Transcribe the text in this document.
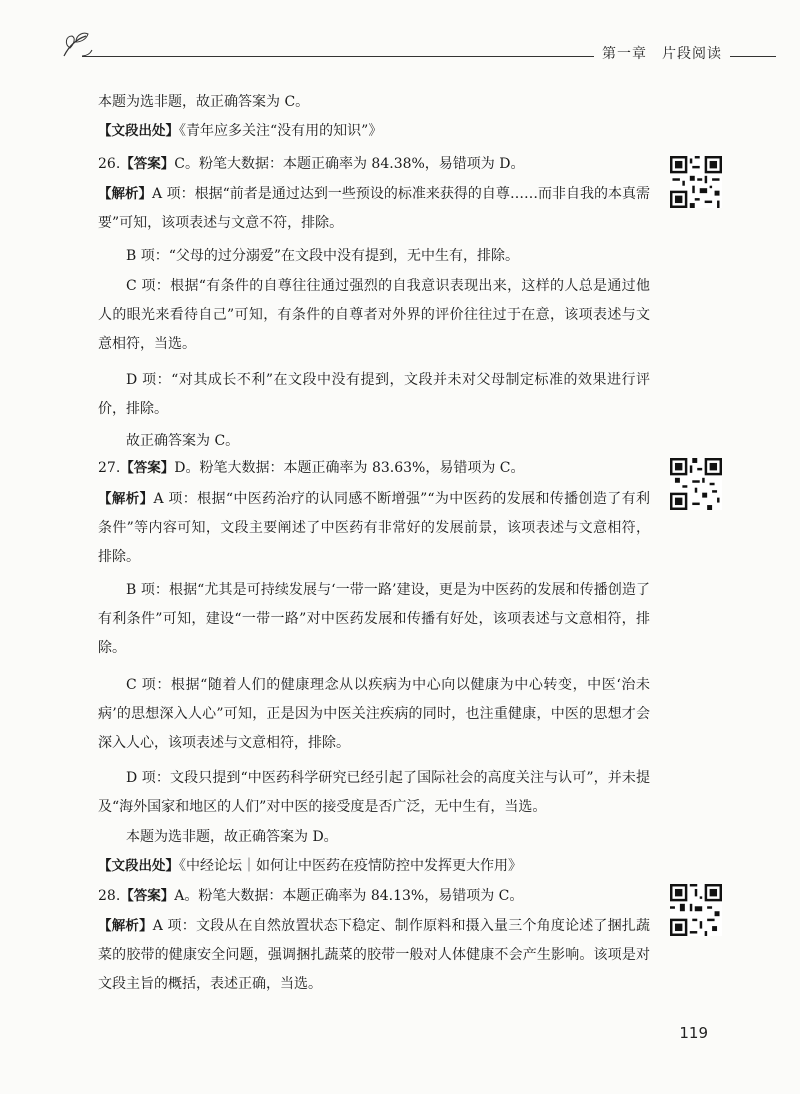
第一章　片段阅读

本题为选非题，故正确答案为 C。

【文段出处】《青年应多关注“没有用的知识”》

26.【答案】C。粉笔大数据：本题正确率为 84.38%，易错项为 D。

【解析】A 项：根据“前者是通过达到一些预设的标准来获得的自尊……而非自我的本真需要”可知，该项表述与文意不符，排除。

B 项：“父母的过分溺爱”在文段中没有提到，无中生有，排除。

C 项：根据“有条件的自尊往往通过强烈的自我意识表现出来，这样的人总是通过他人的眼光来看待自己”可知，有条件的自尊者对外界的评价往往过于在意，该项表述与文意相符，当选。

D 项：“对其成长不利”在文段中没有提到，文段并未对父母制定标准的效果进行评价，排除。

故正确答案为 C。

27.【答案】D。粉笔大数据：本题正确率为 83.63%，易错项为 C。

【解析】A 项：根据“中医药治疗的认同感不断增强”“为中医药的发展和传播创造了有利条件”等内容可知，文段主要阐述了中医药有非常好的发展前景，该项表述与文意相符，排除。

B 项：根据“尤其是可持续发展与‘一带一路’建设，更是为中医药的发展和传播创造了有利条件”可知，建设“一带一路”对中医药发展和传播有好处，该项表述与文意相符，排除。

C 项：根据“随着人们的健康理念从以疾病为中心向以健康为中心转变，中医‘治未病’的思想深入人心”可知，正是因为中医关注疾病的同时，也注重健康，中医的思想才会深入人心，该项表述与文意相符，排除。

D 项：文段只提到“中医药科学研究已经引起了国际社会的高度关注与认可”，并未提及“海外国家和地区的人们”对中医的接受度是否广泛，无中生有，当选。

本题为选非题，故正确答案为 D。

【文段出处】《中经论坛｜如何让中医药在疫情防控中发挥更大作用》

28.【答案】A。粉笔大数据：本题正确率为 84.13%，易错项为 C。

【解析】A 项：文段从在自然放置状态下稳定、制作原料和摄入量三个角度论述了捆扎蔬菜的胶带的健康安全问题，强调捆扎蔬菜的胶带一般对人体健康不会产生影响。该项是对文段主旨的概括，表述正确，当选。

119
